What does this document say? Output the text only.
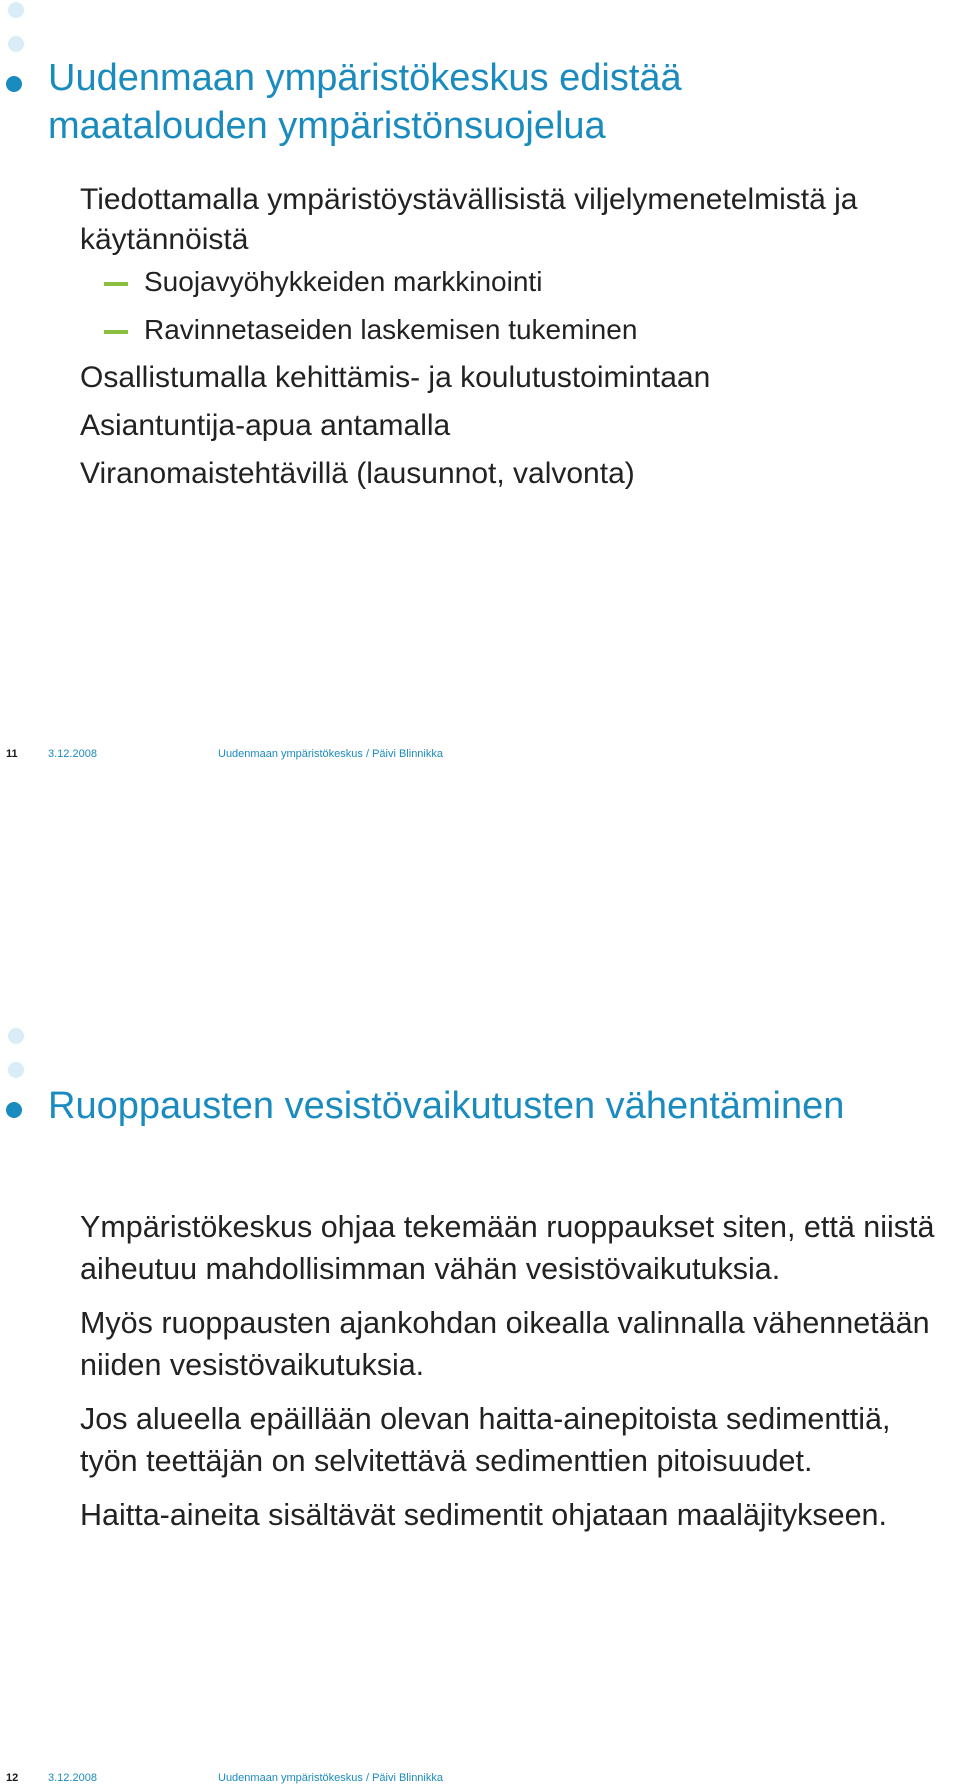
Uudenmaan ympäristökeskus edistää maatalouden ympäristönsuojelua
Tiedottamalla ympäristöystävällisistä viljelymenetelmistä ja käytännöistä
Suojavyöhykkeiden markkinointi
Ravinnetaseiden laskemisen tukeminen
Osallistumalla kehittämis- ja koulutustoimintaan
Asiantuntija-apua antamalla
Viranomaistehtävillä (lausunnot, valvonta)
11	3.12.2008	Uudenmaan ympäristökeskus / Päivi Blinnikka
Ruoppausten vesistövaikutusten vähentäminen
Ympäristökeskus ohjaa tekemään ruoppaukset siten, että niistä aiheutuu mahdollisimman vähän vesistövaikutuksia.
Myös ruoppausten ajankohdan oikealla valinnalla vähennetään niiden vesistövaikutuksia.
Jos alueella epäillään olevan haitta-ainepitoista sedimenttiä, työn teettäjän on selvitettävä sedimenttien pitoisuudet.
Haitta-aineita sisältävät sedimentit ohjataan maaläjitykseen.
12	3.12.2008	Uudenmaan ympäristökeskus / Päivi Blinnikka
